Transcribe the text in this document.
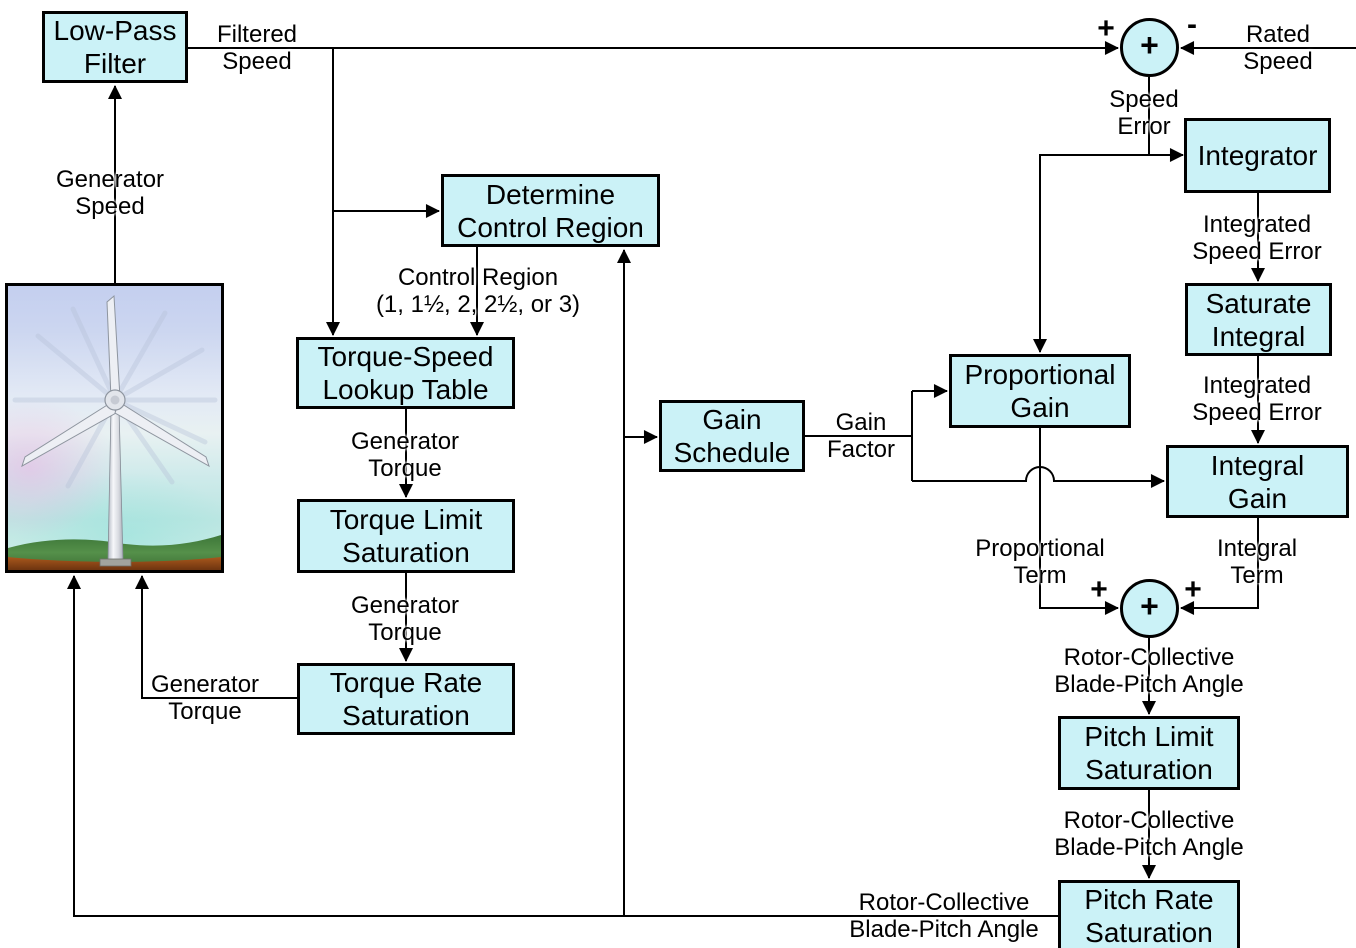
Low-Pass
Filter
Determine
Control Region
Torque-Speed
Lookup Table
Torque Limit
Saturation
Torque Rate
Saturation
Gain
Schedule
Proportional
Gain
Integrator
Saturate
Integral
Integral
Gain
Pitch Limit
Saturation
Pitch Rate
Saturation
+
+
+	-
+	+
Generator
Speed
Filtered
Speed
Rated
Speed
Speed
Error
Integrated
Speed Error
Integrated
Speed Error
Control Region
(1, 1½, 2, 2½, or 3)
Generator
Torque
Generator
Torque
Generator
Torque
Gain
Factor
Proportional
Term
Integral
Term
Rotor-Collective
Blade-Pitch Angle
Rotor-Collective
Blade-Pitch Angle
Rotor-Collective
Blade-Pitch Angle
